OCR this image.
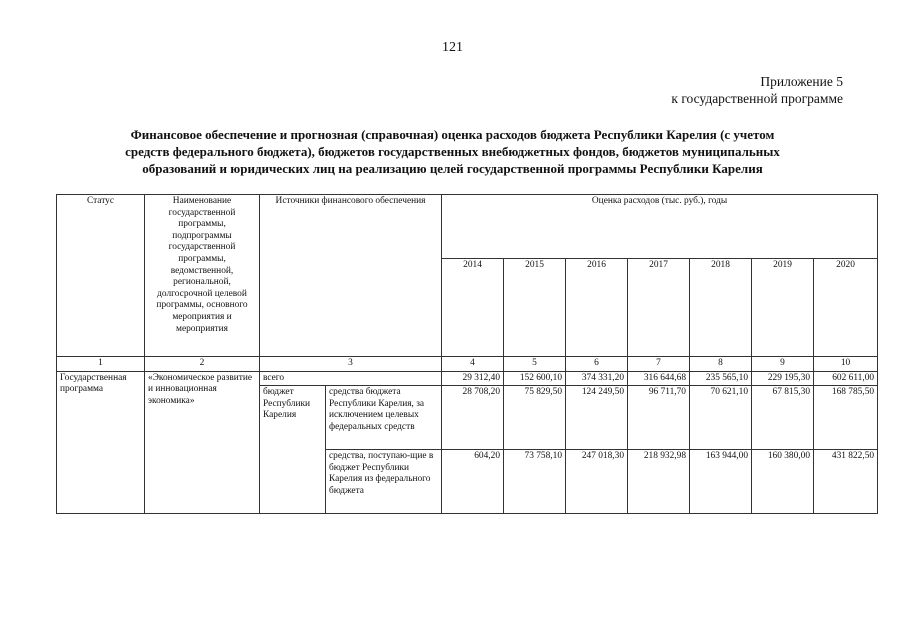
121
Приложение 5
к государственной программе
Финансовое обеспечение и прогнозная (справочная) оценка расходов бюджета Республики Карелия (с учетом
средств федерального бюджета), бюджетов государственных внебюджетных фондов, бюджетов муниципальных
образований и юридических лиц на реализацию целей государственной программы Республики Карелия
Статус	Наименование государственной программы, подпрограммы государственной программы, ведомственной, региональной, долгосрочной целевой программы, основного мероприятия и мероприятия	Источники финансового обеспечения		Оценка расходов (тыс. руб.), годы						
				2014	2015	2016	2017	2018	2019	2020
1	2	3		4	5	6	7	8	9	10
Государственная программа	«Экономическое развитие и инновационная экономика»	всего		29 312,40	152 600,10	374 331,20	316 644,68	235 565,10	229 195,30	602 611,00
		бюджет Республики Карелия	средства бюджета Республики Карелия, за исключением целевых федеральных средств	28 708,20	75 829,50	124 249,50	96 711,70	70 621,10	67 815,30	168 785,50
			средства, поступаю-щие в бюджет Республики Карелия из федерального бюджета	604,20	73 758,10	247 018,30	218 932,98	163 944,00	160 380,00	431 822,50
